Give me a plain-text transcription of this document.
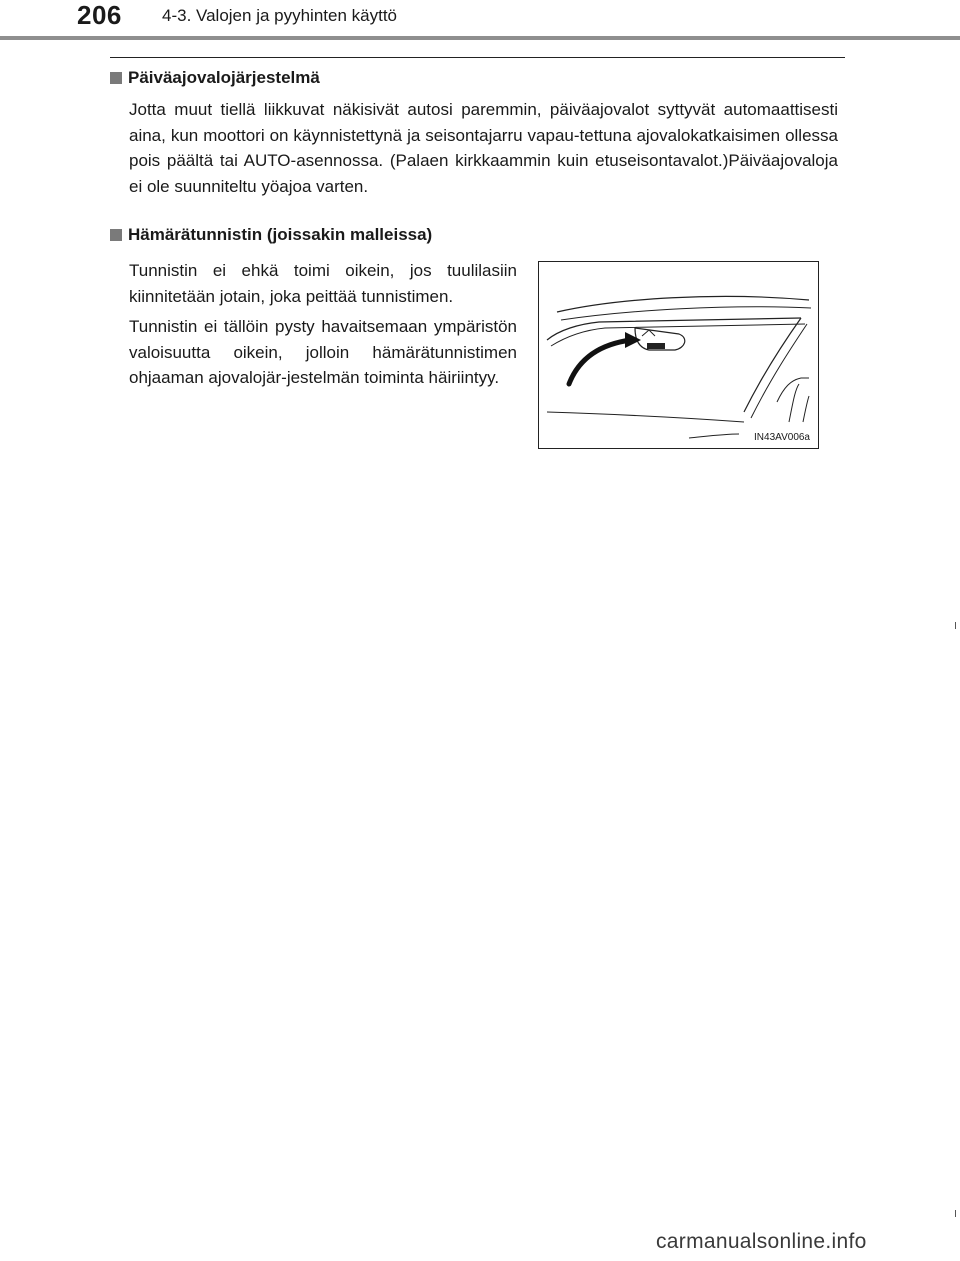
206 4-3. Valojen ja pyyhinten käyttö
Päiväajovalojärjestelmä

Jotta muut tiellä liikkuvat näkisivät autosi paremmin, päiväajovalot syttyvät automaattisesti aina, kun moottori on käynnistettynä ja seisontajarru vapau-tettuna ajovalokatkaisimen ollessa pois päältä tai AUTO-asennossa. (Palaen kirkkaammin kuin etuseisontavalot.)Päiväajovaloja ei ole suunniteltu yöajoa varten.

Hämärätunnistin (joissakin malleissa)

Tunnistin ei ehkä toimi oikein, jos tuulilasiin kiinnitetään jotain, joka peittää tunnistimen.

Tunnistin ei tällöin pysty havaitsemaan ympäristön valoisuutta oikein, jolloin hämärätunnistimen ohjaaman ajovalojär-jestelmän toiminta häiriintyy.

IN43AV006a
carmanualsonline.info
